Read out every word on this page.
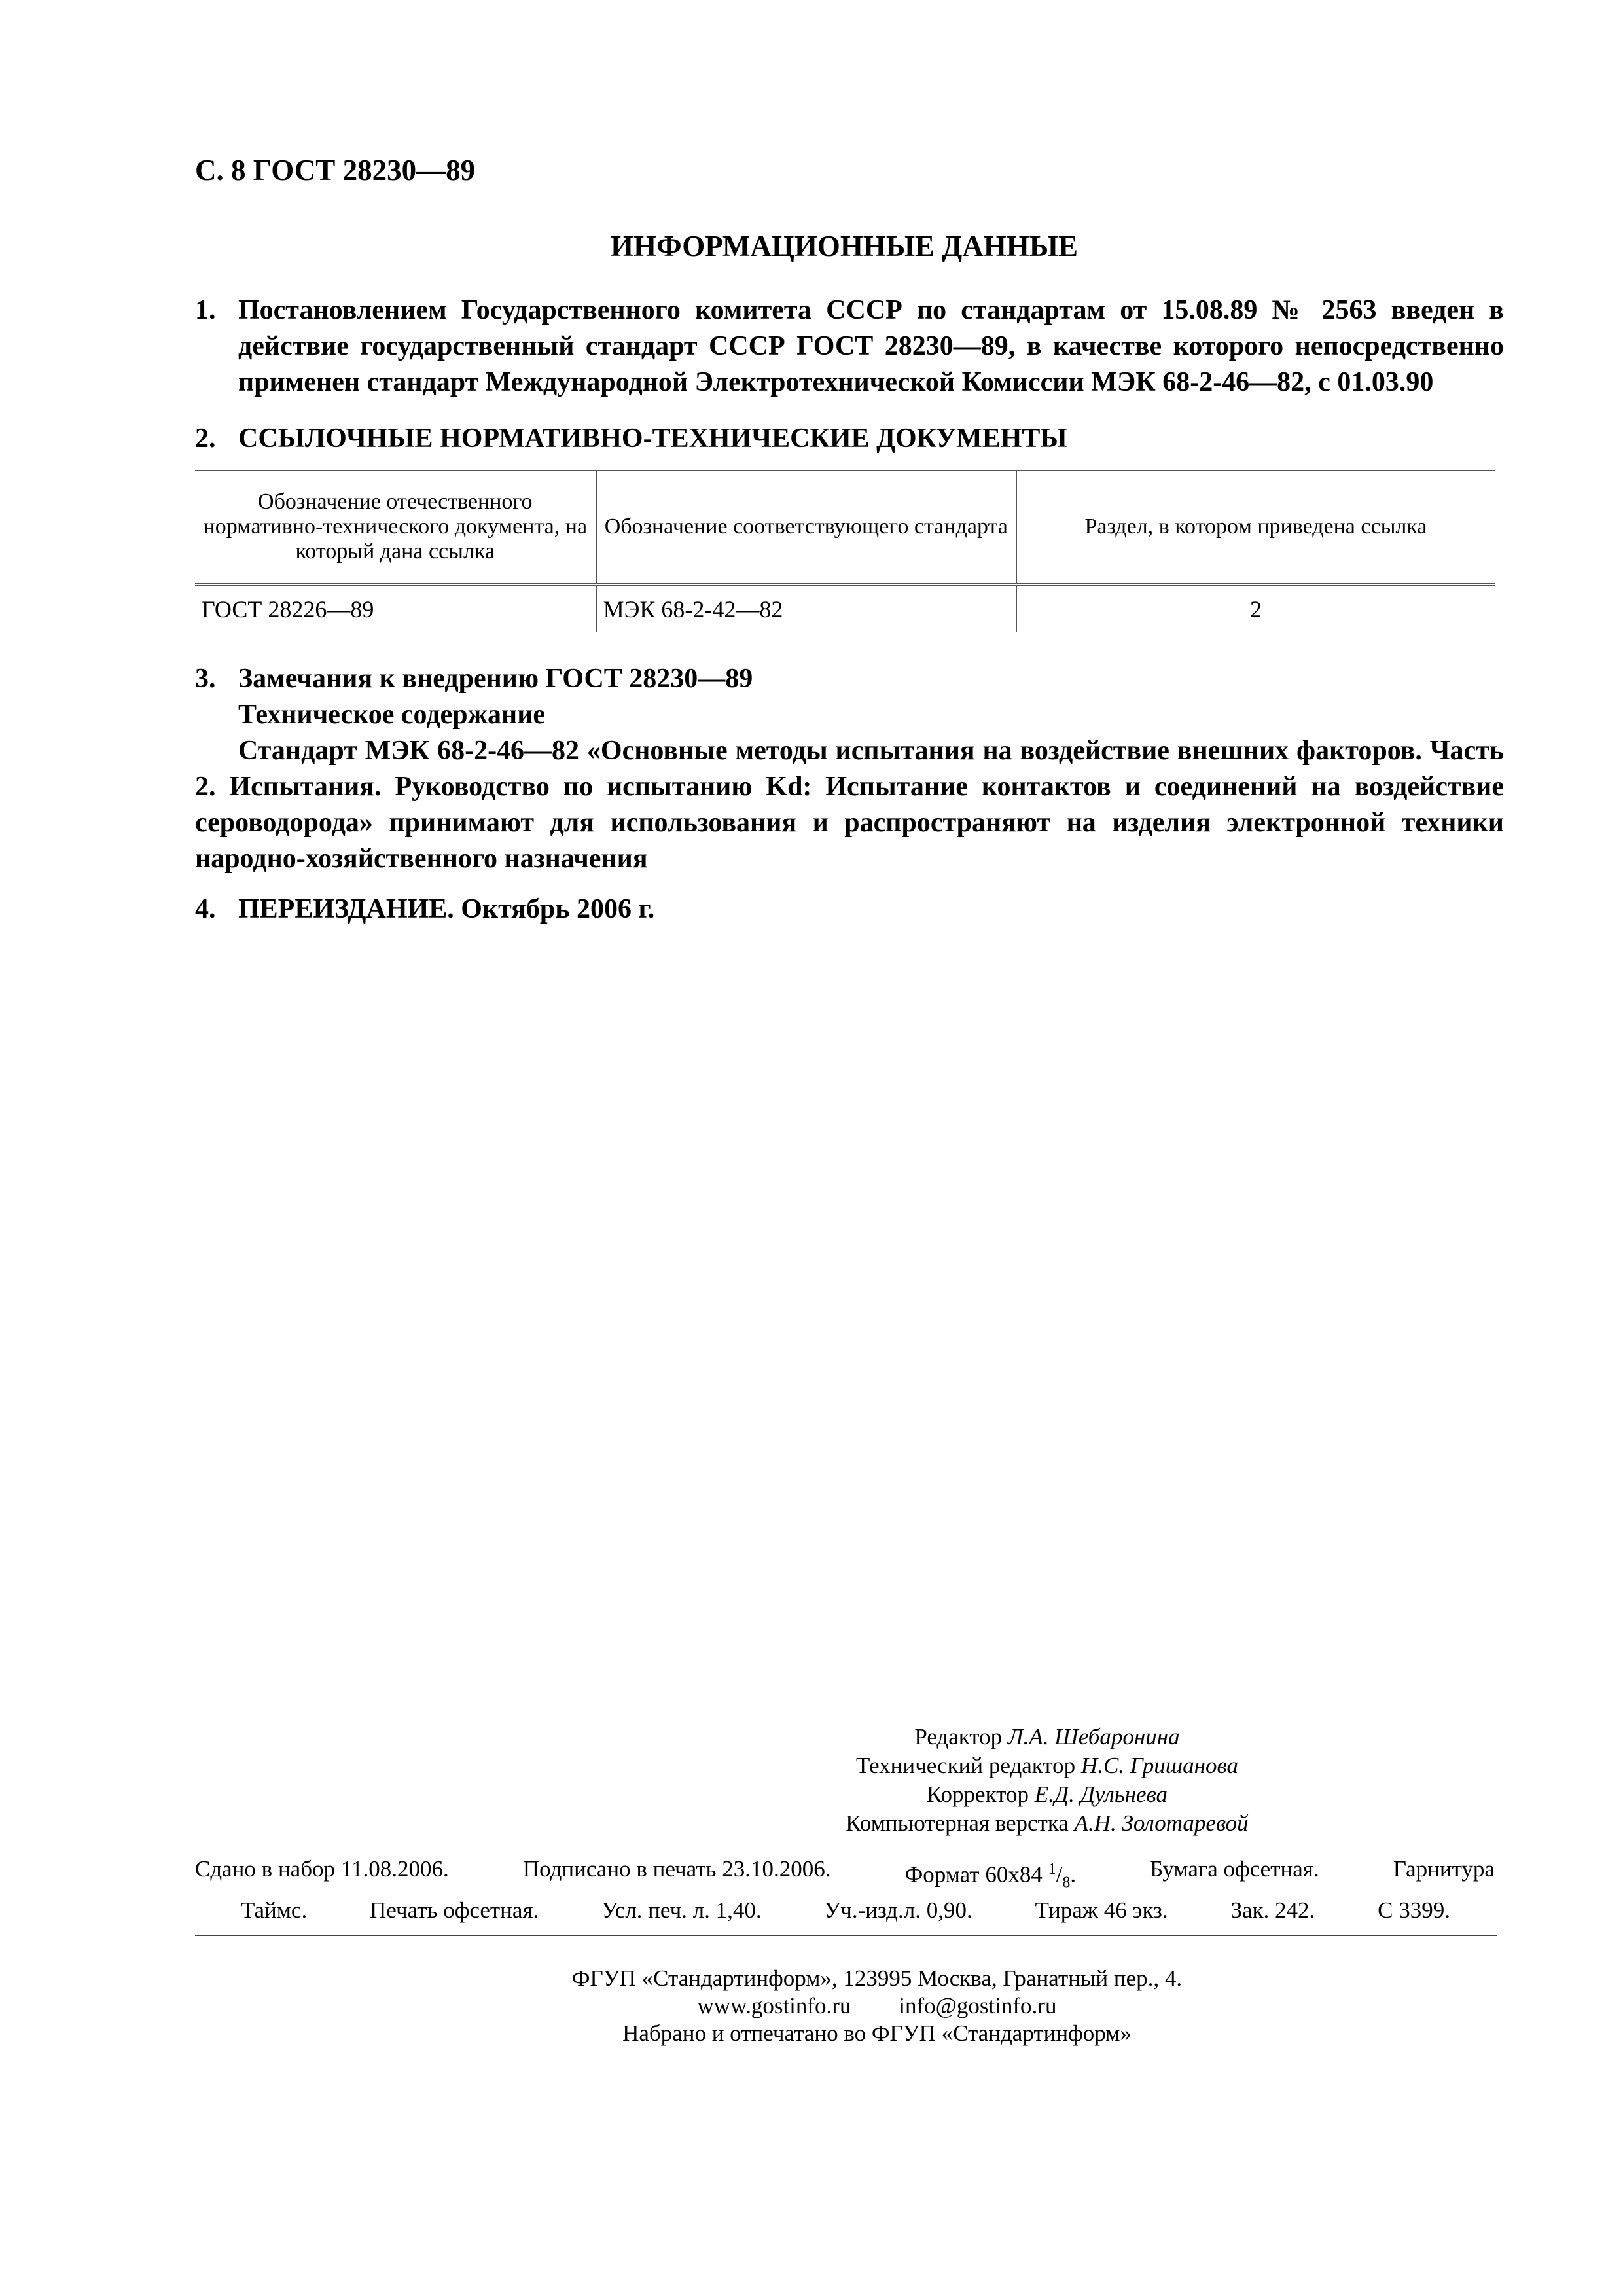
С. 8 ГОСТ 28230—89
ИНФОРМАЦИОННЫЕ ДАННЫЕ
1. Постановлением Государственного комитета СССР по стандартам от 15.08.89 № 2563 введен в действие государственный стандарт СССР ГОСТ 28230—89, в качестве которого непосредственно применен стандарт Международной Электротехнической Комиссии МЭК 68-2-46—82, с 01.03.90
2. ССЫЛОЧНЫЕ НОРМАТИВНО-ТЕХНИЧЕСКИЕ ДОКУМЕНТЫ
Обозначение отечественного нормативно-технического документа, на который дана ссылка	Обозначение соответствующего стандарта	Раздел, в котором приведена ссылка
ГОСТ 28226—89	МЭК 68-2-42—82	2
3. Замечания к внедрению ГОСТ 28230—89
Техническое содержание

Стандарт МЭК 68-2-46—82 «Основные методы испытания на воздействие внешних факторов. Часть 2. Испытания. Руководство по испытанию Kd: Испытание контактов и соединений на воздействие сероводорода» принимают для использования и распространяют на изделия электронной техники народно-хозяйственного назначения

4. ПЕРЕИЗДАНИЕ. Октябрь 2006 г.
Редактор Л.А. Шебаронина
Технический редактор Н.С. Гришанова
Корректор Е.Д. Дульнева
Компьютерная верстка А.Н. Золотаревой
Сдано в набор 11.08.2006.	Подписано в печать 23.10.2006.	Формат 60x84 $^1/_8$.	Бумага офсетная.	Гарнитура
Таймс.	Печать офсетная.	Усл. печ. л. 1,40.	Уч.-изд.л. 0,90.	Тираж 46 экз.	Зак. 242.	С 3399.
ФГУП «Стандартинформ», 123995 Москва, Гранатный пер., 4.
www.gostinfo.ru info@gostinfo.ru
Набрано и отпечатано во ФГУП «Стандартинформ»
